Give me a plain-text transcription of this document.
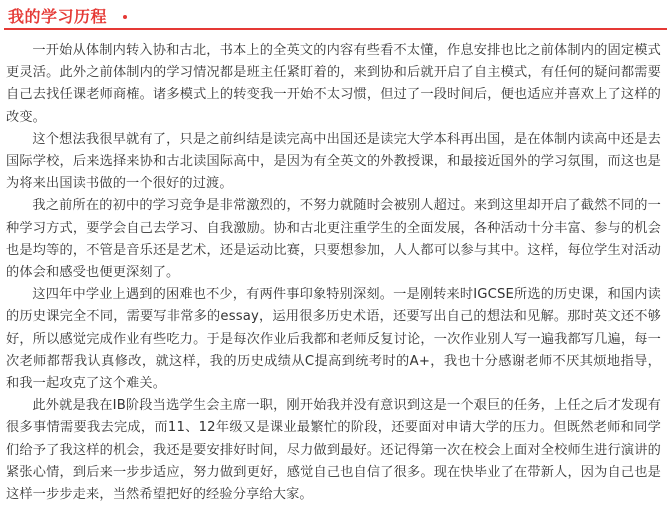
我的学习历程

一开始从体制内转入协和古北，书本上的全英文的内容有些看不太懂，作息安排也比之前体制内的固定模式更灵活。此外之前体制内的学习情况都是班主任紧盯着的，来到协和后就开启了自主模式，有任何的疑问都需要自己去找任课老师商榷。诸多模式上的转变我一开始不太习惯，但过了一段时间后，便也适应并喜欢上了这样的改变。

这个想法我很早就有了，只是之前纠结是读完高中出国还是读完大学本科再出国，是在体制内读高中还是去国际学校，后来选择来协和古北读国际高中，是因为有全英文的外教授课，和最接近国外的学习氛围，而这也是为将来出国读书做的一个很好的过渡。

我之前所在的初中的学习竞争是非常激烈的，不努力就随时会被别人超过。来到这里却开启了截然不同的一种学习方式，要学会自己去学习、自我激励。协和古北更注重学生的全面发展，各种活动十分丰富、参与的机会也是均等的，不管是音乐还是艺术，还是运动比赛，只要想参加，人人都可以参与其中。这样，每位学生对活动的体会和感受也便更深刻了。

这四年中学业上遇到的困难也不少，有两件事印象特别深刻。一是刚转来时IGCSE所选的历史课，和国内读的历史课完全不同，需要写非常多的essay，运用很多历史术语，还要写出自己的想法和见解。那时英文还不够好，所以感觉完成作业有些吃力。于是每次作业后我都和老师反复讨论，一次作业别人写一遍我都写几遍，每一次老师都帮我认真修改，就这样，我的历史成绩从C提高到统考时的A+，我也十分感谢老师不厌其烦地指导，和我一起攻克了这个难关。

此外就是我在IB阶段当选学生会主席一职，刚开始我并没有意识到这是一个艰巨的任务，上任之后才发现有很多事情需要我去完成，而11、12年级又是课业最繁忙的阶段，还要面对申请大学的压力。但既然老师和同学们给予了我这样的机会，我还是要安排好时间，尽力做到最好。还记得第一次在校会上面对全校师生进行演讲的紧张心情，到后来一步步适应，努力做到更好，感觉自己也自信了很多。现在快毕业了在带新人，因为自己也是这样一步步走来，当然希望把好的经验分享给大家。
